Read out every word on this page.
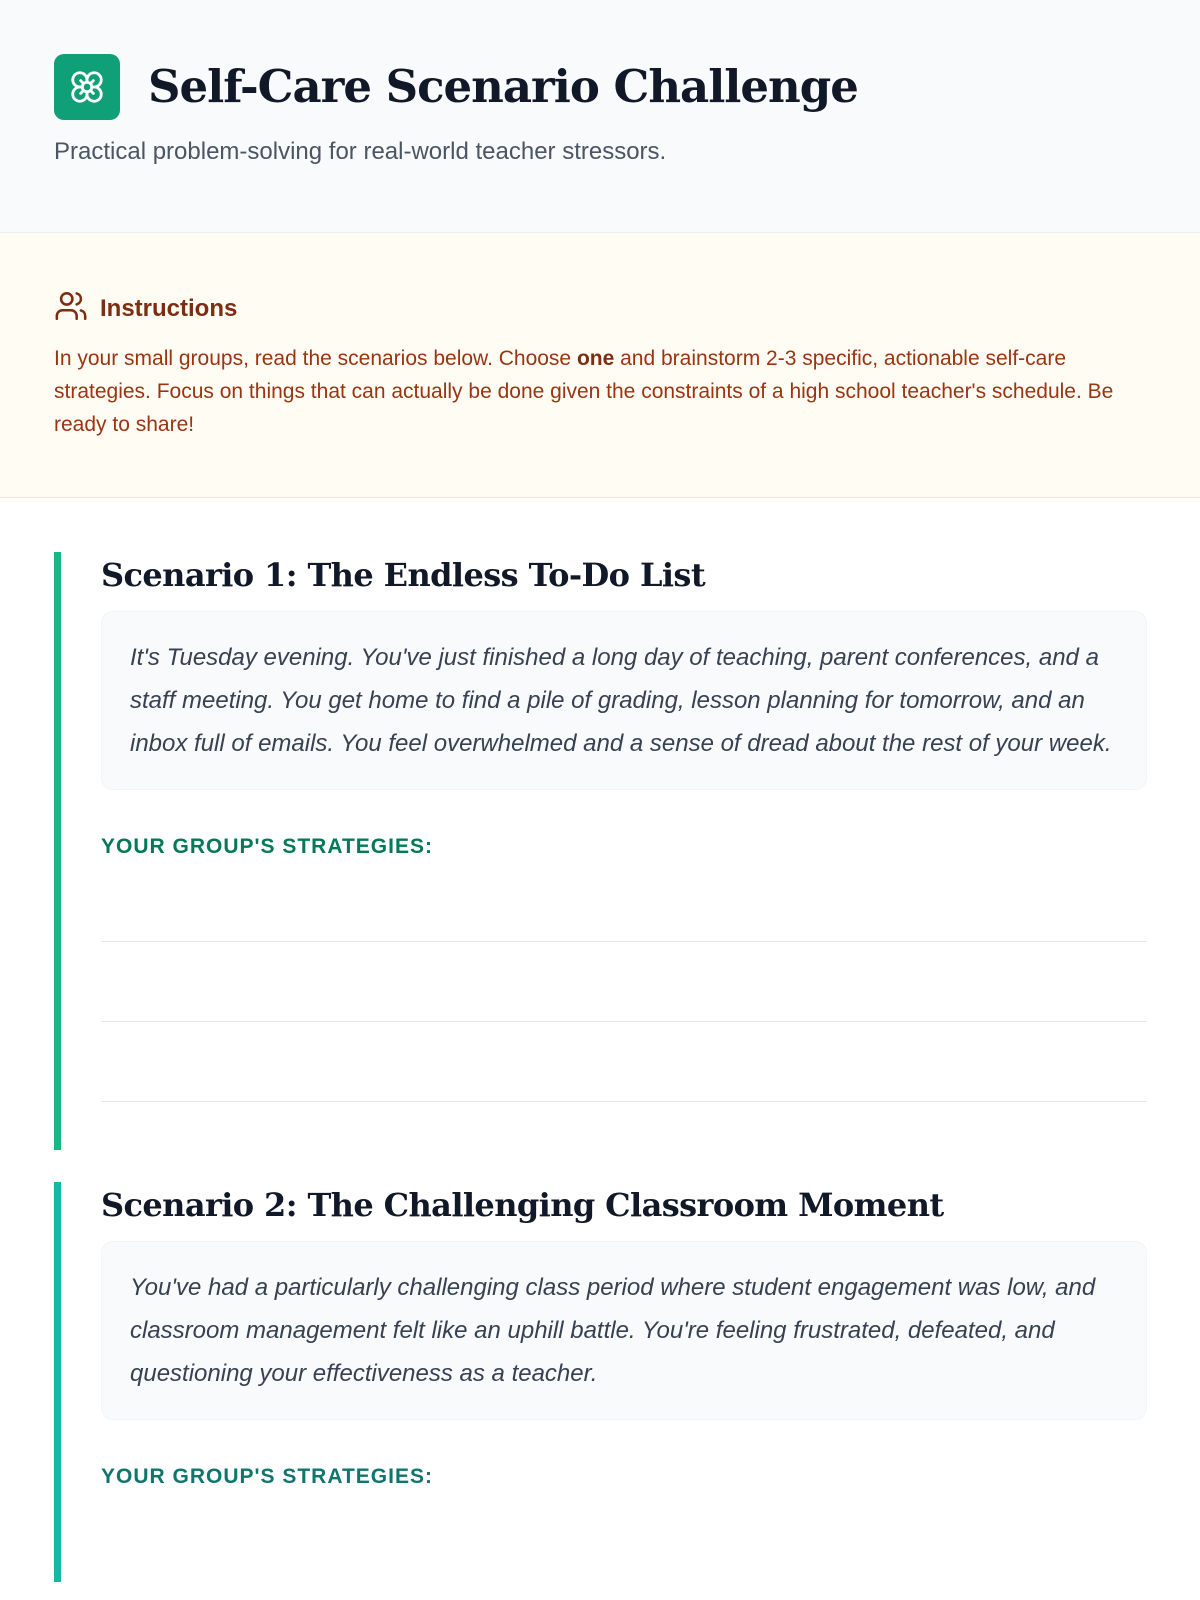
Self-Care Scenario Challenge

Practical problem-solving for real-world teacher stressors.

Instructions

In your small groups, read the scenarios below. Choose one and brainstorm 2-3 specific, actionable self-care strategies. Focus on things that can actually be done given the constraints of a high school teacher's schedule. Be ready to share!

Scenario 1: The Endless To-Do List
It's Tuesday evening. You've just finished a long day of teaching, parent conferences, and a staff meeting. You get home to find a pile of grading, lesson planning for tomorrow, and an inbox full of emails. You feel overwhelmed and a sense of dread about the rest of your week.
YOUR GROUP'S STRATEGIES:
Scenario 2: The Challenging Classroom Moment
You've had a particularly challenging class period where student engagement was low, and classroom management felt like an uphill battle. You're feeling frustrated, defeated, and questioning your effectiveness as a teacher.
YOUR GROUP'S STRATEGIES:
